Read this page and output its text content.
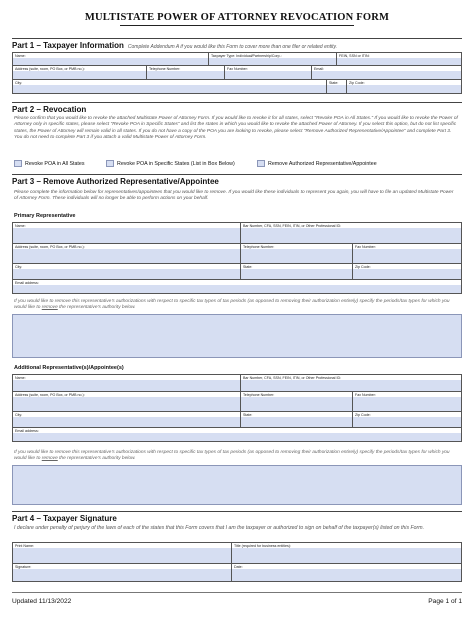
MULTISTATE POWER OF ATTORNEY REVOCATION FORM
Part 1 – Taxpayer Information Complete Addendum A if you would like this Form to cover more than one filer or related entity.
Name:	Taxpayer Type: Individual/Partnership/Corp.:	FEIN, SSN or ITIN:
Address (suite, room, PO Box, or PMB no.):	Telephone Number:	Fax Number:	Email:
City:	State:	Zip Code:
Part 2 – Revocation
Please confirm that you would like to revoke the attached Multistate Power of Attorney Form. If you would like to revoke it for all states, select "Revoke POA in All States." If you would like to revoke the Power of Attorney only in specific states, please select "Revoke POA in Specific States" and list the states in which you would like to revoke the attached Power of Attorney. If you select this option, but do not list specific states, the Power of Attorney will remain valid in all states. If you do not have a copy of the POA you are looking to revoke, please select "Remove Authorized Representative/Appointee" and complete Part 3. You do not need to complete Part 3 if you attach a valid Multistate Power of Attorney Form.
Revoke POA in All States	Revoke POA in Specific States (List in Box Below)	Remove Authorized Representative/Appointee
Part 3 – Remove Authorized Representative/Appointee
Please complete the information below for representatives/appointees that you would like to remove. If you would like these individuals to represent you again, you will have to file an updated Multistate Power of Attorney Form. These individuals will no longer be able to perform actions on your behalf.
Primary Representative
Name:	Bar Number, CFA, SSN, FEIN, ITIN, or Other Professional ID:
Address (suite, room, PO Box, or PMB no.):	Telephone Number:	Fax Number:
City:	State:	Zip Code:
Email address:
If you would like to remove this representative’s authorizations with respect to specific tax types of tax periods (as opposed to removing their authorization entirely) specify the periods/tax types for which you would like to remove the representative’s authority below.
Additional Representative(s)/Appointee(s)
Name:	Bar Number, CFA, SSN, FEIN, ITIN, or Other Professional ID:
Address (suite, room, PO Box, or PMB no.):	Telephone Number:	Fax Number:
City:	State:	Zip Code:
Email address:
If you would like to remove this representative’s authorizations with respect to specific tax types of tax periods (as opposed to removing their authorization entirely) specify the periods/tax types for which you would like to remove the representative’s authority below.
Part 4 – Taxpayer Signature
I declare under penalty of perjury of the laws of each of the states that this Form covers that I am the taxpayer or authorized to sign on behalf of the taxpayer(s) listed on this Form.
Print Name:	Title (required for business entities):
Signature:	Date:
Updated 11/13/2022	Page 1 of 1
